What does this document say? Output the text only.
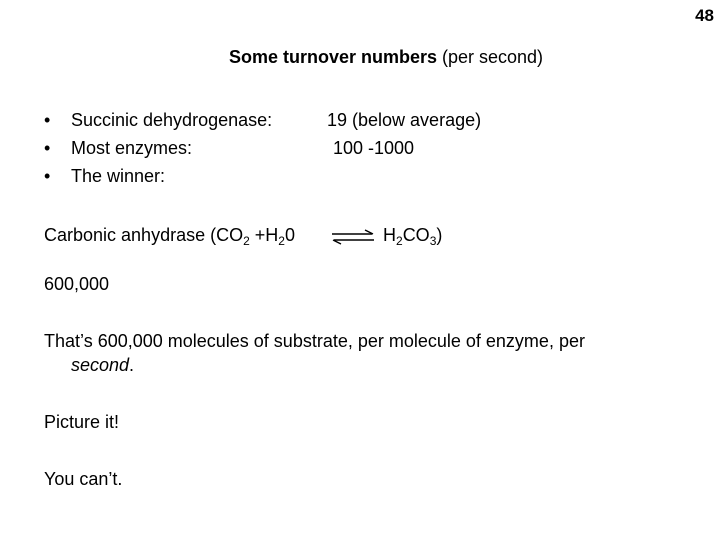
48
Some turnover numbers (per second)
• Succinic dehydrogenase:	19 (below average)
• Most enzymes:	100 -1000
• The winner:
Carbonic anhydrase ($CO_2 +H_20$ ⇌ $H_2CO_3$)
600,000
That’s 600,000 molecules of substrate, per molecule of enzyme, per
second.
Picture it!
You can’t.
